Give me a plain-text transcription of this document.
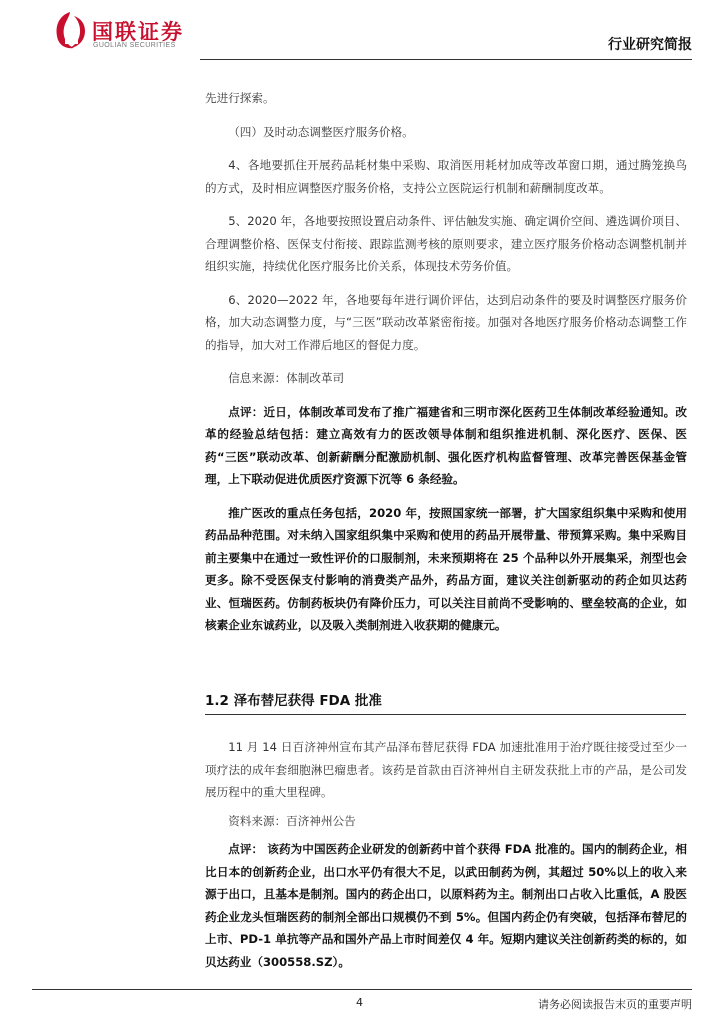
国联证券
GUOLIAN SECURITIES	行业研究简报

先进行探索。

（四）及时动态调整医疗服务价格。

4、各地要抓住开展药品耗材集中采购、取消医用耗材加成等改革窗口期，通过腾笼换鸟的方式，及时相应调整医疗服务价格，支持公立医院运行机制和薪酬制度改革。

5、2020 年，各地要按照设置启动条件、评估触发实施、确定调价空间、遴选调价项目、合理调整价格、医保支付衔接、跟踪监测考核的原则要求，建立医疗服务价格动态调整机制并组织实施，持续优化医疗服务比价关系，体现技术劳务价值。

6、2020—2022 年，各地要每年进行调价评估，达到启动条件的要及时调整医疗服务价格，加大动态调整力度，与“三医”联动改革紧密衔接。加强对各地医疗服务价格动态调整工作的指导，加大对工作滞后地区的督促力度。

信息来源：体制改革司

点评：近日，体制改革司发布了推广福建省和三明市深化医药卫生体制改革经验通知。改革的经验总结包括：建立高效有力的医改领导体制和组织推进机制、深化医疗、医保、医药“三医”联动改革、创新薪酬分配激励机制、强化医疗机构监督管理、改革完善医保基金管理，上下联动促进优质医疗资源下沉等 6 条经验。

推广医改的重点任务包括，2020 年，按照国家统一部署，扩大国家组织集中采购和使用药品品种范围。对未纳入国家组织集中采购和使用的药品开展带量、带预算采购。集中采购目前主要集中在通过一致性评价的口服制剂，未来预期将在 25 个品种以外开展集采，剂型也会更多。除不受医保支付影响的消费类产品外，药品方面，建议关注创新驱动的药企如贝达药业、恒瑞医药。仿制药板块仍有降价压力，可以关注目前尚不受影响的、壁垒较高的企业，如核素企业东诚药业，以及吸入类制剂进入收获期的健康元。

1.2 泽布替尼获得 FDA 批准

11 月 14 日百济神州宣布其产品泽布替尼获得 FDA 加速批准用于治疗既往接受过至少一项疗法的成年套细胞淋巴瘤患者。该药是首款由百济神州自主研发获批上市的产品，是公司发展历程中的重大里程碑。

资料来源：百济神州公告

点评： 该药为中国医药企业研发的创新药中首个获得 FDA 批准的。国内的制药企业，相比日本的创新药企业，出口水平仍有很大不足，以武田制药为例，其超过 50%以上的收入来源于出口，且基本是制剂。国内的药企出口，以原料药为主。制剂出口占收入比重低，A 股医药企业龙头恒瑞医药的制剂全部出口规模仍不到 5%。但国内药企仍有突破，包括泽布替尼的上市、PD-1 单抗等产品和国外产品上市时间差仅 4 年。短期内建议关注创新药类的标的，如贝达药业（300558.SZ）。

4	请务必阅读报告末页的重要声明
